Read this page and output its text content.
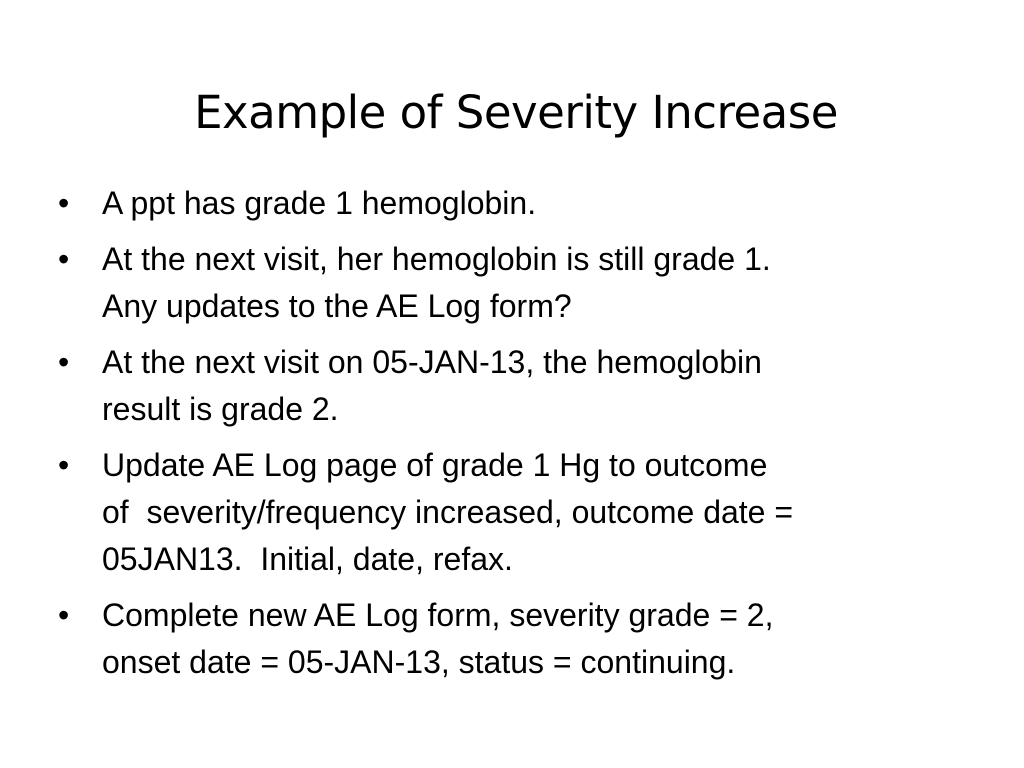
Example of Severity Increase
• A ppt has grade 1 hemoglobin.
• At the next visit, her hemoglobin is still grade 1.
Any updates to the AE Log form?
• At the next visit on 05-JAN-13, the hemoglobin
result is grade 2.
• Update AE Log page of grade 1 Hg to outcome
of  severity/frequency increased, outcome date =
05JAN13.  Initial, date, refax.
• Complete new AE Log form, severity grade = 2,
onset date = 05-JAN-13, status = continuing.
